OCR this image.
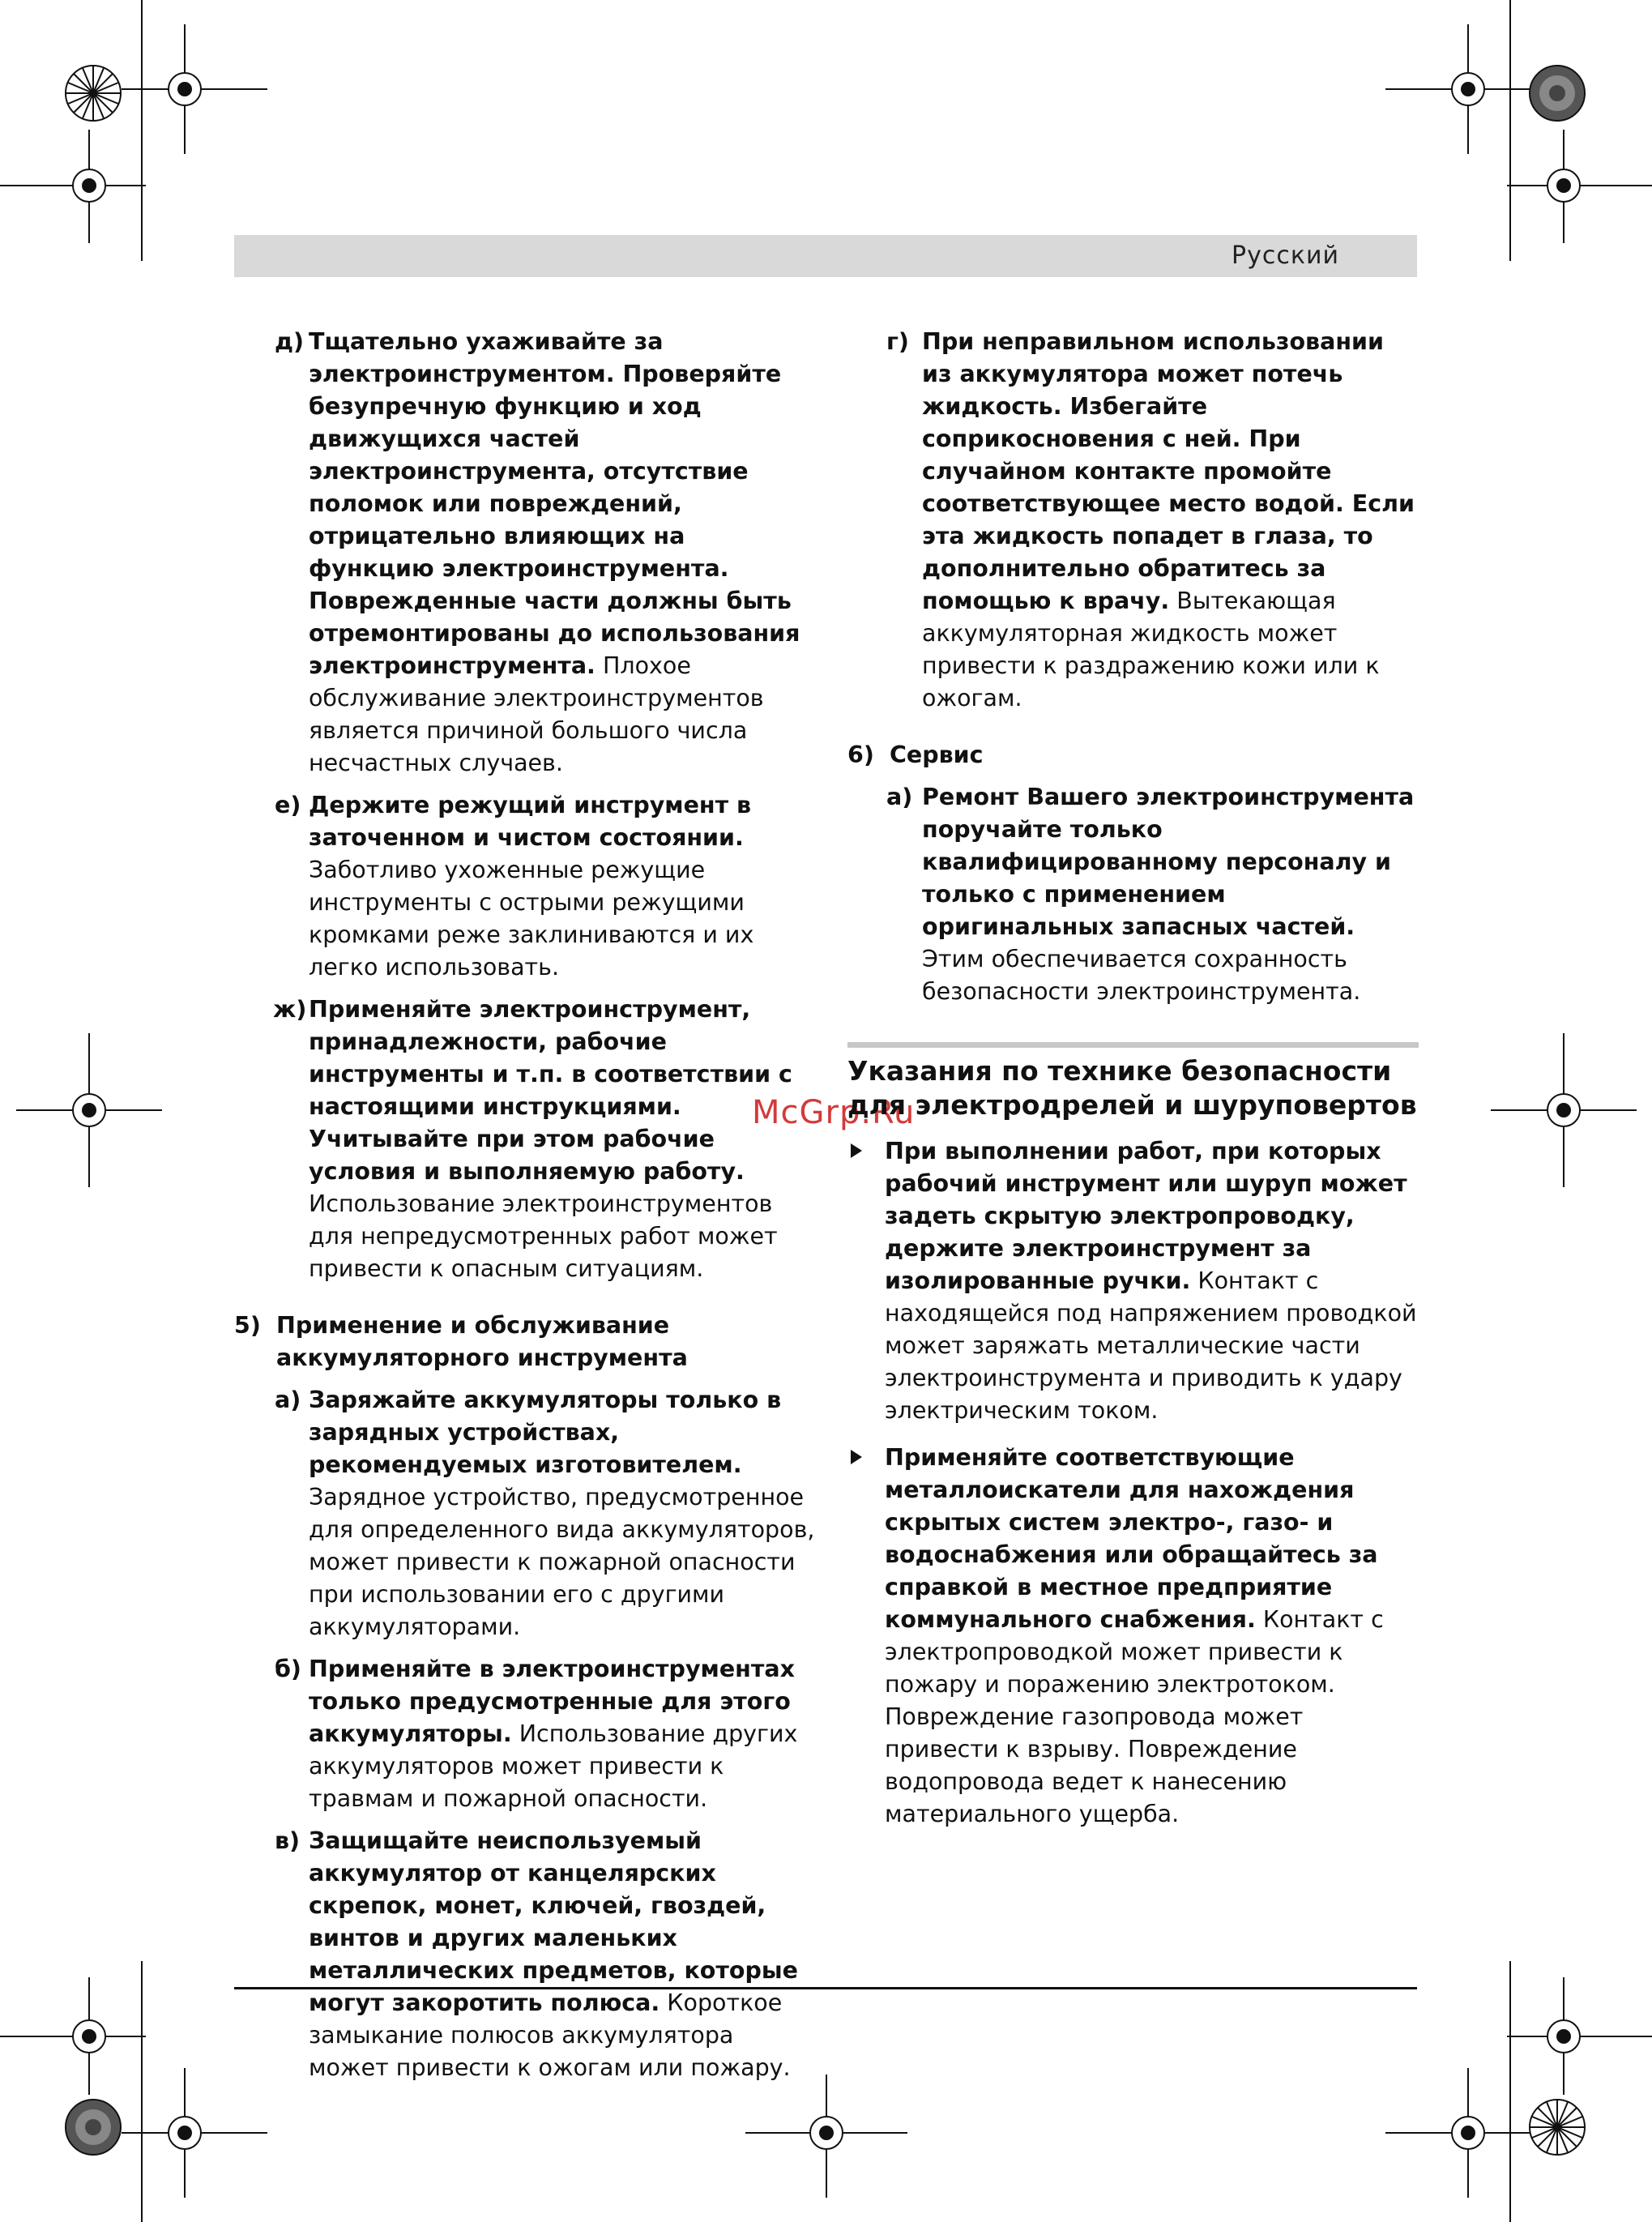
Русский
McGrp.Ru
д) Тщательно ухаживайте за электроинструментом. Проверяйте безупречную функцию и ход движущихся частей электроинструмента, отсутствие поломок или повреждений, отрицательно влияющих на функцию электроинструмента. Поврежденные части должны быть отремонтированы до использования электроинструмента. Плохое обслуживание электроинструментов является причиной большого числа несчастных случаев.
е) Держите режущий инструмент в заточенном и чистом состоянии. Заботливо ухоженные режущие инструменты с острыми режущими кромками реже заклиниваются и их легко использовать.
ж) Применяйте электроинструмент, принадлежности, рабочие инструменты и т.п. в соответствии с настоящими инструкциями. Учитывайте при этом рабочие условия и выполняемую работу. Использование электроинструментов для непредусмотренных работ может привести к опасным ситуациям.
5) Применение и обслуживание аккумуляторного инструмента
а) Заряжайте аккумуляторы только в зарядных устройствах, рекомендуемых изготовителем. Зарядное устройство, предусмотренное для определенного вида аккумуляторов, может привести к пожарной опасности при использовании его с другими аккумуляторами.
б) Применяйте в электроинструментах только предусмотренные для этого аккумуляторы. Использование других аккумуляторов может привести к травмам и пожарной опасности.
в) Защищайте неиспользуемый аккумулятор от канцелярских скрепок, монет, ключей, гвоздей, винтов и других маленьких металлических предметов, которые могут закоротить полюса. Короткое замыкание полюсов аккумулятора может привести к ожогам или пожару.
г) При неправильном использовании из аккумулятора может потечь жидкость. Избегайте соприкосновения с ней. При случайном контакте промойте соответствующее место водой. Если эта жидкость попадет в глаза, то дополнительно обратитесь за помощью к врачу. Вытекающая аккумуляторная жидкость может привести к раздражению кожи или к ожогам.
6) Сервис
а) Ремонт Вашего электроинструмента поручайте только квалифицированному персоналу и только с применением оригинальных запасных частей. Этим обеспечивается сохранность безопасности электроинструмента.
Указания по технике безопасности для электродрелей и шуруповертов
При выполнении работ, при которых рабочий инструмент или шуруп может задеть скрытую электропроводку, держите электроинструмент за изолированные ручки. Контакт с находящейся под напряжением проводкой может заряжать металлические части электроинструмента и приводить к удару электрическим током.
Применяйте соответствующие металлоискатели для нахождения скрытых систем электро-, газо- и водоснабжения или обращайтесь за справкой в местное предприятие коммунального снабжения. Контакт с электропроводкой может привести к пожару и поражению электротоком. Повреждение газопровода может привести к взрыву. Повреждение водопровода ведет к нанесению материального ущерба.
